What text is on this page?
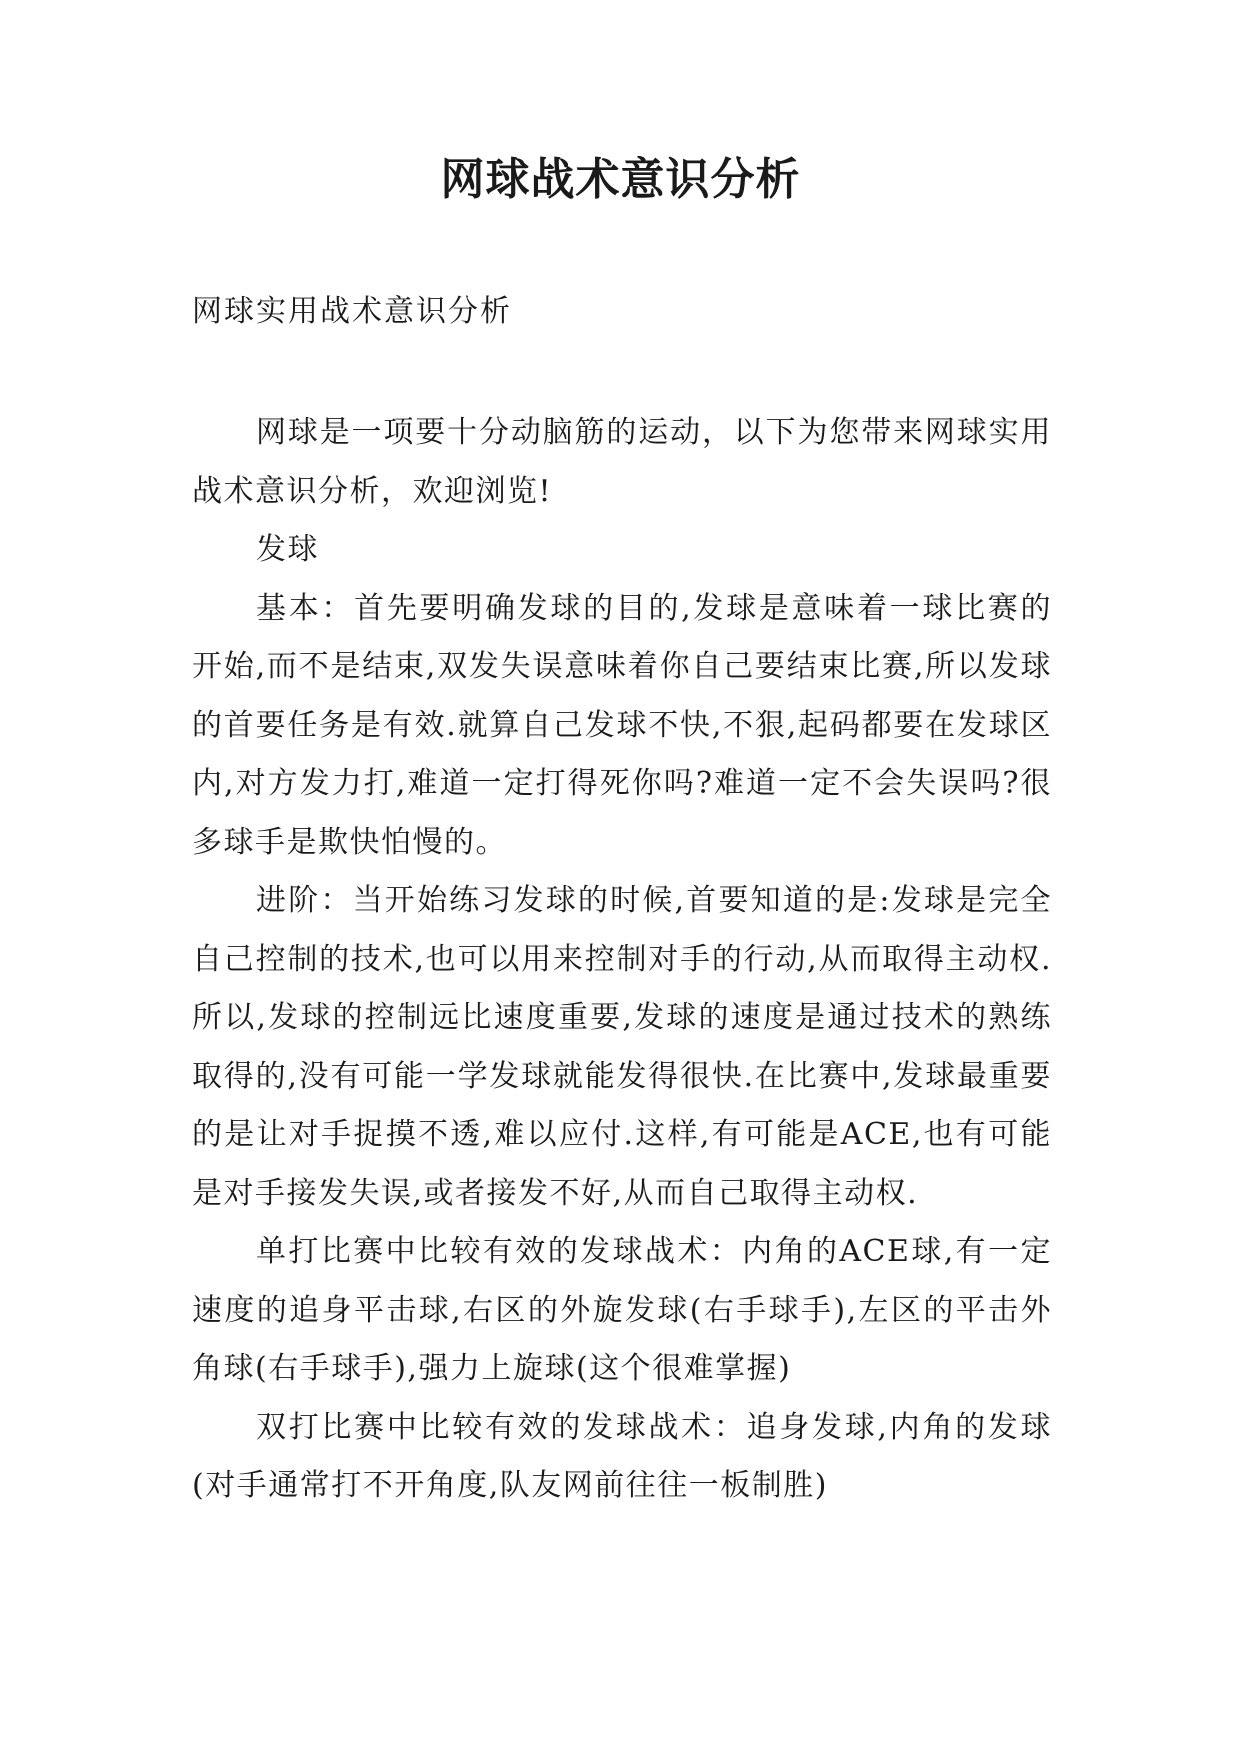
网球战术意识分析

网球实用战术意识分析

网球是一项要十分动脑筋的运动，以下为您带来网球实用战术意识分析，欢迎浏览!

发球

基本：首先要明确发球的目的,发球是意味着一球比赛的开始,而不是结束,双发失误意味着你自己要结束比赛,所以发球的首要任务是有效.就算自己发球不快,不狠,起码都要在发球区内,对方发力打,难道一定打得死你吗?难道一定不会失误吗?很多球手是欺快怕慢的。

进阶：当开始练习发球的时候,首要知道的是:发球是完全自己控制的技术,也可以用来控制对手的行动,从而取得主动权.所以,发球的控制远比速度重要,发球的速度是通过技术的熟练取得的,没有可能一学发球就能发得很快.在比赛中,发球最重要的是让对手捉摸不透,难以应付.这样,有可能是ACE,也有可能是对手接发失误,或者接发不好,从而自己取得主动权.

单打比赛中比较有效的发球战术：内角的ACE球,有一定速度的追身平击球,右区的外旋发球(右手球手),左区的平击外角球(右手球手),强力上旋球(这个很难掌握)

双打比赛中比较有效的发球战术：追身发球,内角的发球(对手通常打不开角度,队友网前往往一板制胜)
